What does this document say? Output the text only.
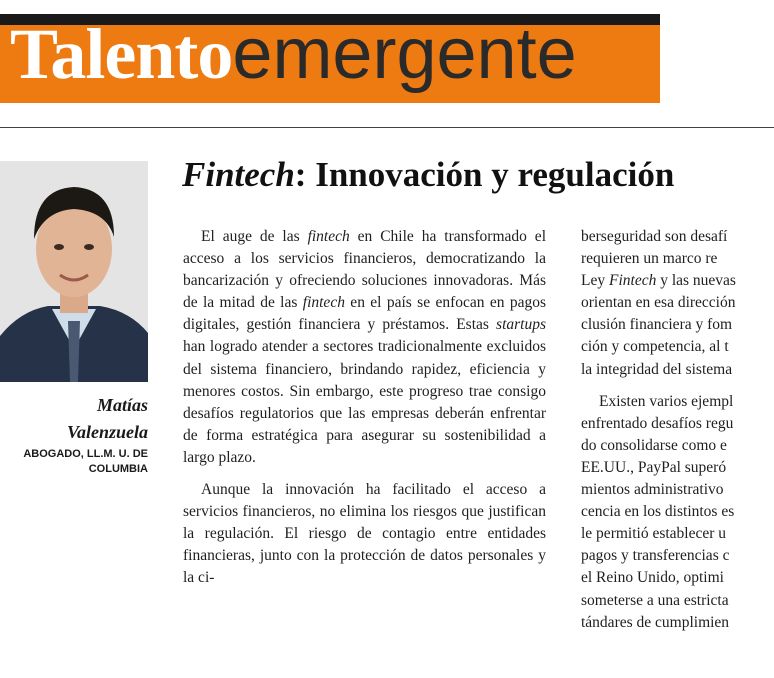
Talentoemergente
Matías
Valenzuela
ABOGADO, LL.M. U. DE
COLUMBIA
Fintech: Innovación y regulación

El auge de las fintech en Chile ha transformado el acceso a los servicios financieros, democratizando la bancarización y ofreciendo soluciones innovadoras. Más de la mitad de las fintech en el país se enfocan en pagos digitales, gestión financiera y préstamos. Estas startups han logrado atender a sectores tradicionalmente excluidos del sistema financiero, brindando rapidez, eficiencia y menores costos. Sin embargo, este progreso trae consigo desafíos regulatorios que las empresas deberán enfrentar de forma estratégica para asegurar su sostenibilidad a largo plazo.

Aunque la innovación ha facilitado el acceso a servicios financieros, no elimina los riesgos que justifican la regulación. El riesgo de contagio entre entidades financieras, junto con la protección de datos personales y la ci-

berseguridad son desafí
requieren un marco re
Ley Fintech y las nuevas
orientan en esa dirección
clusión financiera y fom
ción y competencia, al t
la integridad del sistema

Existen varios ejempl
enfrentado desafíos regu
do consolidarse como e
EE.UU., PayPal superó
mientos administrativo
cencia en los distintos es
le permitió establecer u
pagos y transferencias c
el Reino Unido, optimi
someterse a una estricta
tándares de cumplimien
